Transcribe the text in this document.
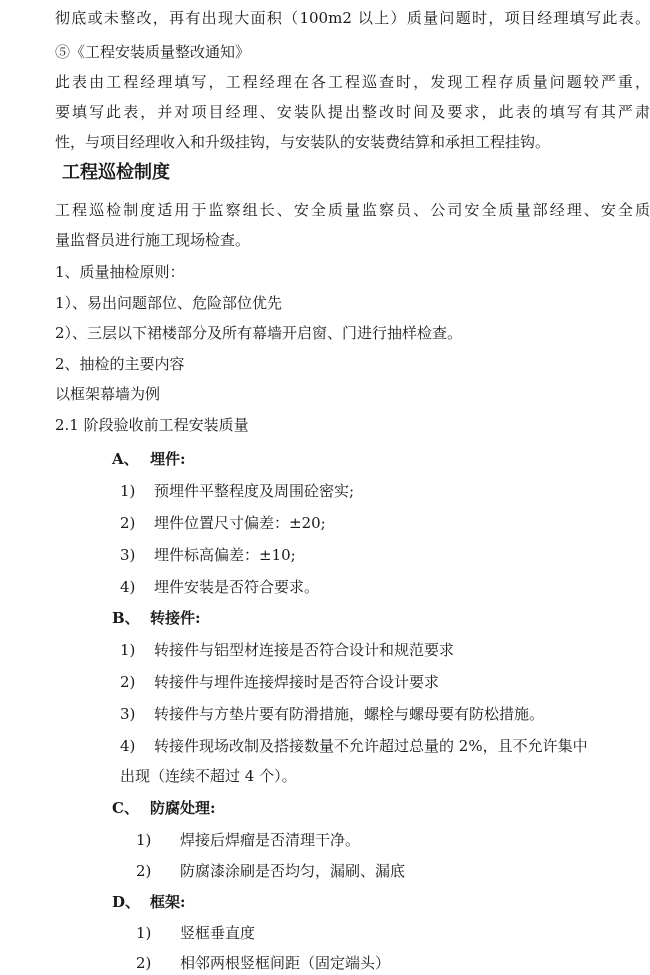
彻底或未整改，再有出现大面积（100m2 以上）质量问题时，项目经理填写此表。
⑤《工程安装质量整改通知》
此表由工程经理填写，工程经理在各工程巡查时，发现工程存质量问题较严重，
要填写此表，并对项目经理、安装队提出整改时间及要求，此表的填写有其严肃
性，与项目经理收入和升级挂钩，与安装队的安装费结算和承担工程挂钩。
工程巡检制度
工程巡检制度适用于监察组长、安全质量监察员、公司安全质量部经理、安全质
量监督员进行施工现场检查。
1、质量抽检原则：
1）、易出问题部位、危险部位优先
2）、三层以下裙楼部分及所有幕墙开启窗、门进行抽样检查。
2、抽检的主要内容
以框架幕墙为例
2.1 阶段验收前工程安装质量
A、 埋件:
1) 预埋件平整程度及周围砼密实;
2) 埋件位置尺寸偏差：±20;
3) 埋件标高偏差：±10;
4) 埋件安装是否符合要求。
B、 转接件:
1) 转接件与铝型材连接是否符合设计和规范要求
2) 转接件与埋件连接焊接时是否符合设计要求
3) 转接件与方垫片要有防滑措施，螺栓与螺母要有防松措施。
4) 转接件现场改制及搭接数量不允许超过总量的 2%，且不允许集中
出现（连续不超过 4 个）。
C、 防腐处理:
1) 焊接后焊瘤是否清理干净。
2) 防腐漆涂刷是否均匀，漏刷、漏底
D、 框架:
1) 竖框垂直度
2) 相邻两根竖框间距（固定端头）
